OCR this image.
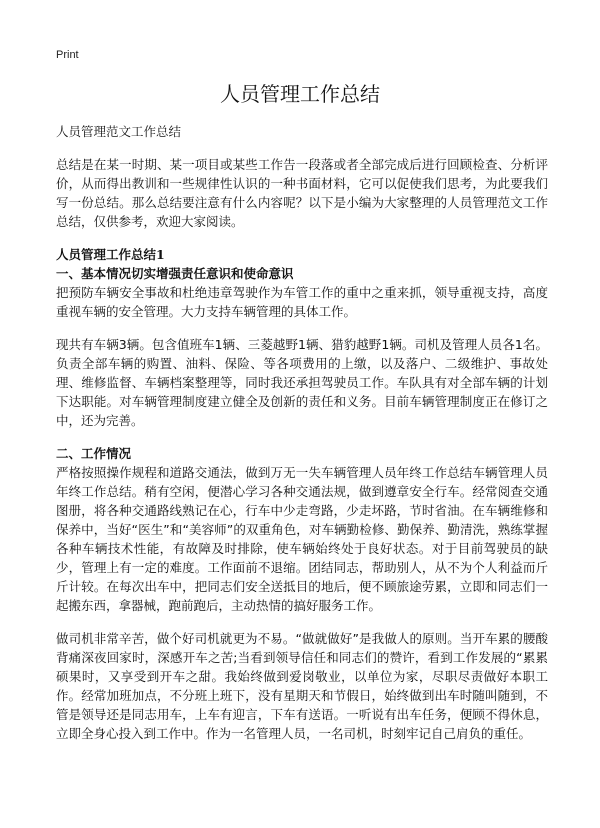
Print
人员管理工作总结

人员管理范文工作总结

总结是在某一时期、某一项目或某些工作告一段落或者全部完成后进行回顾检查、分析评价，从而得出教训和一些规律性认识的一种书面材料，它可以促使我们思考，为此要我们写一份总结。那么总结要注意有什么内容呢？以下是小编为大家整理的人员管理范文工作总结，仅供参考，欢迎大家阅读。

人员管理工作总结1

一、基本情况切实增强责任意识和使命意识

把预防车辆安全事故和杜绝违章驾驶作为车管工作的重中之重来抓，领导重视支持，高度重视车辆的安全管理。大力支持车辆管理的具体工作。

现共有车辆3辆。包含值班车1辆、三菱越野1辆、猎豹越野1辆。司机及管理人员各1名。负责全部车辆的购置、油料、保险、等各项费用的上缴，以及落户、二级维护、事故处理、维修监督、车辆档案整理等，同时我还承担驾驶员工作。车队具有对全部车辆的计划下达职能。对车辆管理制度建立健全及创新的责任和义务。目前车辆管理制度正在修订之中，还为完善。

二、工作情况

严格按照操作规程和道路交通法，做到万无一失车辆管理人员年终工作总结车辆管理人员年终工作总结。稍有空闲，便潜心学习各种交通法规，做到遵章安全行车。经常阅查交通图册，将各种交通路线熟记在心，行车中少走弯路，少走坏路，节时省油。在车辆维修和保养中，当好“医生”和“美容师”的双重角色，对车辆勤检修、勤保养、勤清洗，熟练掌握各种车辆技术性能，有故障及时排除，使车辆始终处于良好状态。对于目前驾驶员的缺少，管理上有一定的难度。工作面前不退缩。团结同志，帮助别人，从不为个人利益而斤斤计较。在每次出车中，把同志们安全送抵目的地后，便不顾旅途劳累，立即和同志们一起搬东西，拿器械，跑前跑后，主动热情的搞好服务工作。

做司机非常辛苦，做个好司机就更为不易。“做就做好”是我做人的原则。当开车累的腰酸背痛深夜回家时，深感开车之苦;当看到领导信任和同志们的赞许，看到工作发展的“累累硕果时，又享受到开车之甜。我始终做到爱岗敬业，以单位为家，尽职尽责做好本职工作。经常加班加点，不分班上班下，没有星期天和节假日，始终做到出车时随叫随到，不管是领导还是同志用车，上车有迎言，下车有送语。一听说有出车任务，便顾不得休息，立即全身心投入到工作中。作为一名管理人员，一名司机，时刻牢记自己肩负的重任。
